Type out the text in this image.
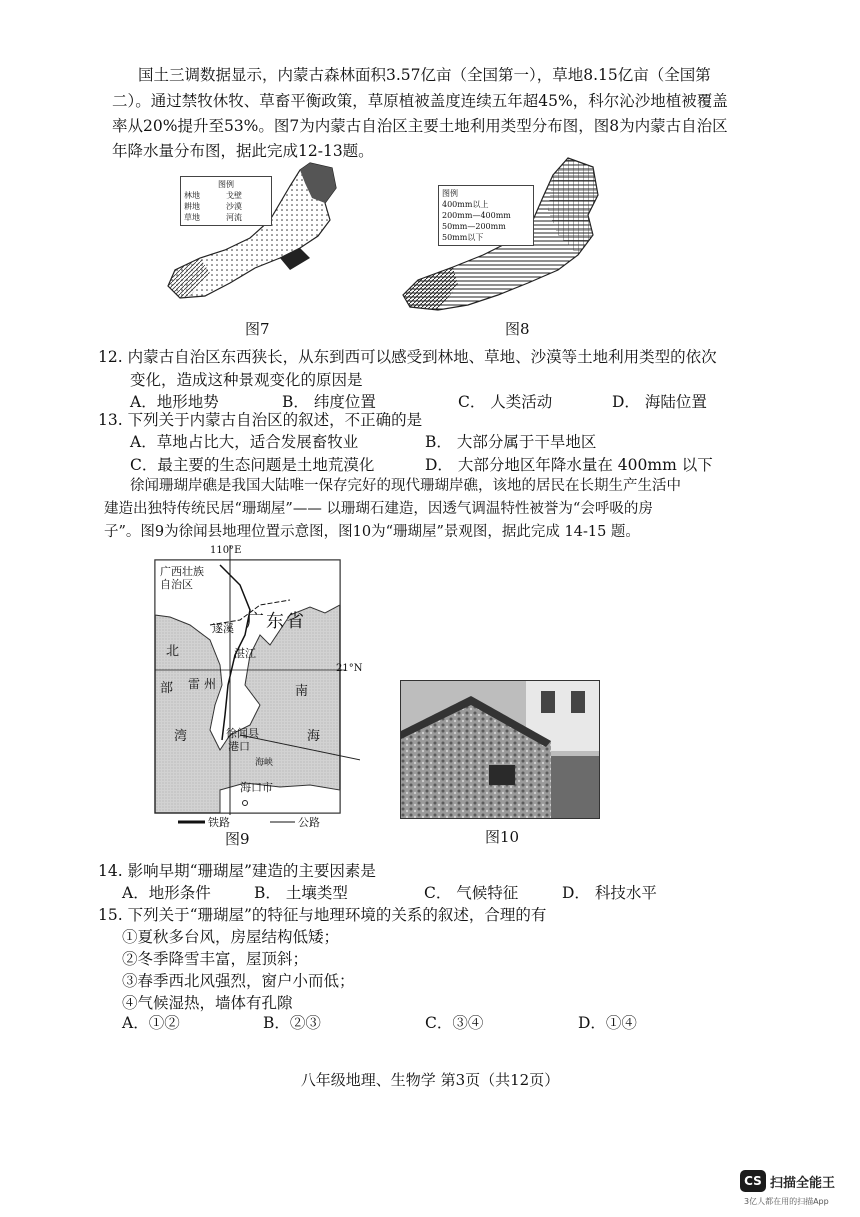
国土三调数据显示，内蒙古森林面积3.57亿亩（全国第一），草地8.15亿亩（全国第
二）。通过禁牧休牧、草畜平衡政策，草原植被盖度连续五年超45%，科尔沁沙地植被覆盖
率从20%提升至53%。图7为内蒙古自治区主要土地利用类型分布图，图8为内蒙古自治区
年降水量分布图，据此完成12-13题。
图例
林地	戈壁
耕地	沙漠
草地	河流
图7
图例
400mm以上
200mm—400mm
50mm—200mm
50mm以下
图8
12. 内蒙古自治区东西狭长，从东到西可以感受到林地、草地、沙漠等土地利用类型的依次
变化，造成这种景观变化的原因是
A．地形地势	B． 纬度位置	C． 人类活动	D． 海陆位置
13. 下列关于内蒙古自治区的叙述，不正确的是
A．草地占比大，适合发展畜牧业	B． 大部分属于干旱地区
C．最主要的生态问题是土地荒漠化	D． 大部分地区年降水量在 400mm 以下
徐闻珊瑚岸礁是我国大陆唯一保存完好的现代珊瑚岸礁，该地的居民在长期生产生活中
建造出独特传统民居“珊瑚屋”—— 以珊瑚石建造，因透气调温特性被誉为“会呼吸的房
子”。图9为徐闻县地理位置示意图，图10为“珊瑚屋”景观图，据此完成 14-15 题。
110°E
21°N
广西壮族
自治区
广东省
遂溪
湛江
雷州
北
部
湾
南
海
徐闻县
港口
海峡
海口市
铁路	公路
图9	图10
14. 影响早期“珊瑚屋”建造的主要因素是
A．地形条件	B． 土壤类型	C． 气候特征	D． 科技水平
15. 下列关于“珊瑚屋”的特征与地理环境的关系的叙述，合理的有
①夏秋多台风，房屋结构低矮；
②冬季降雪丰富，屋顶斜；
③春季西北风强烈，窗户小而低；
④气候湿热，墙体有孔隙
A．①②	B．②③	C．③④	D．①④
八年级地理、生物学 第3页（共12页）
CS 扫描全能王
3亿人都在用的扫描App
